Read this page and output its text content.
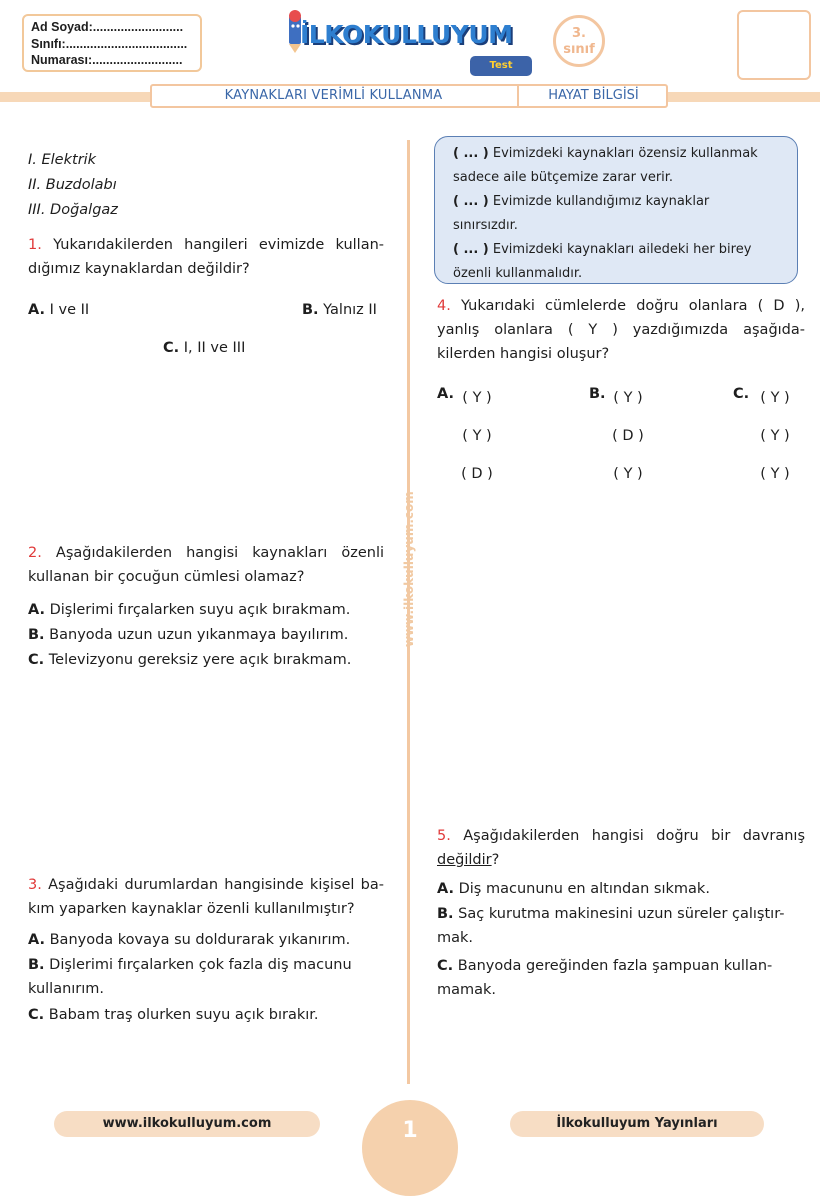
Ad Soyad:..........................
Sınıfı:...................................
Numarası:..........................
İLKOKULLUYUM
Test
3.
sınıf
KAYNAKLARI VERİMLİ KULLANMA	HAYAT BİLGİSİ
www.ilkokulluyum.com
I. Elektrik
II. Buzdolabı
III. Doğalgaz
1. Yukarıdakilerden hangileri evimizde kullan-
dığımız kaynaklardan değildir?
A. I ve II	B. Yalnız II
C. I, II ve III
2. Aşağıdakilerden hangisi kaynakları özenli
kullanan bir çocuğun cümlesi olamaz?
A. Dişlerimi fırçalarken suyu açık bırakmam.
B. Banyoda uzun uzun yıkanmaya bayılırım.
C. Televizyonu gereksiz yere açık bırakmam.
3. Aşağıdaki durumlardan hangisinde kişisel ba-
kım yaparken kaynaklar özenli kullanılmıştır?
A. Banyoda kovaya su doldurarak yıkanırım.
B. Dişlerimi fırçalarken çok fazla diş macunu
kullanırım.
C. Babam traş olurken suyu açık bırakır.
( ... ) Evimizdeki kaynakları özensiz kullanmak
sadece aile bütçemize zarar verir.
( ... ) Evimizde kullandığımız kaynaklar
sınırsızdır.
( ... ) Evimizdeki kaynakları ailedeki her birey
özenli kullanmalıdır.
4. Yukarıdaki cümlelerde doğru olanlara ( D ),
yanlış olanlara ( Y ) yazdığımızda aşağıda-
kilerden hangisi oluşur?
A. ( Y )
( Y )
( D )
B. ( Y )
( D )
( Y )
C. ( Y )
( Y )
( Y )
5. Aşağıdakilerden hangisi doğru bir davranış
değildir?
A. Diş macununu en altından sıkmak.
B. Saç kurutma makinesini uzun süreler çalıştır-
mak.
C. Banyoda gereğinden fazla şampuan kullan-
mamak.
1
www.ilkokulluyum.com	İlkokulluyum Yayınları
